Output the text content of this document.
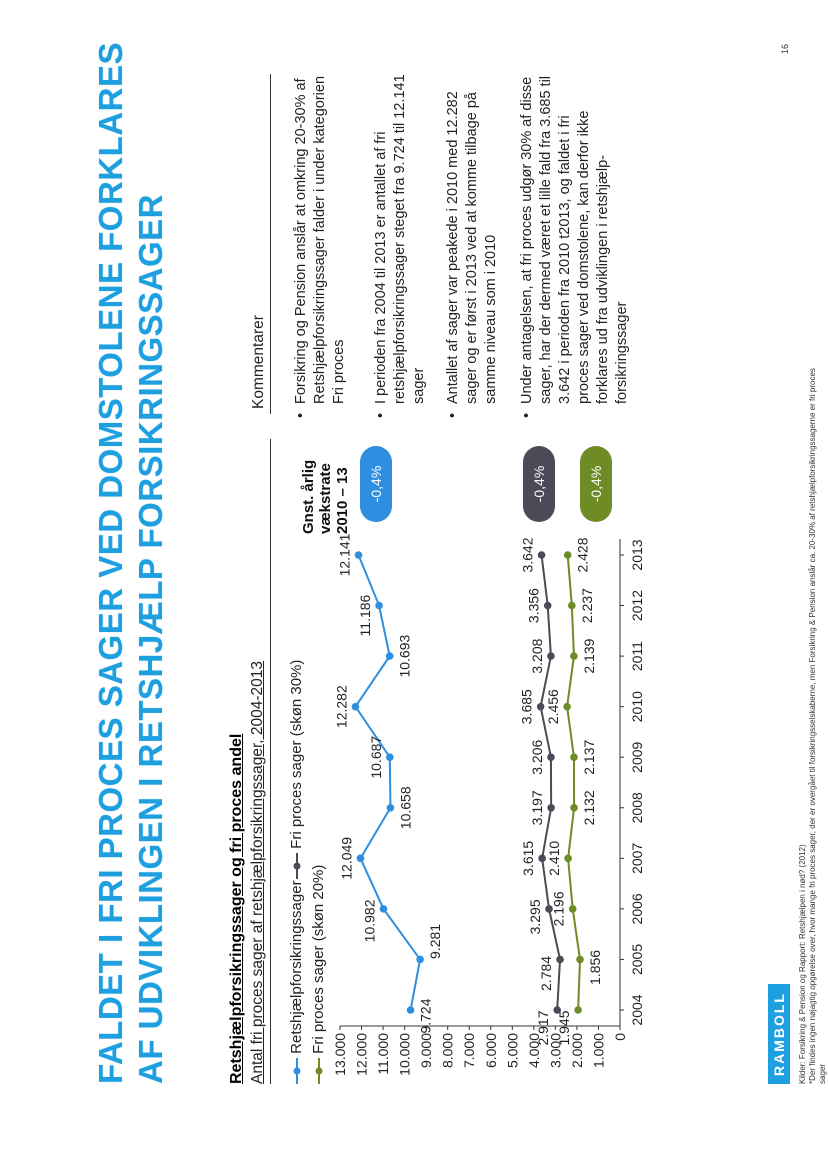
FALDET I FRI PROCES SAGER VED DOMSTOLENE FORKLARES AF UDVIKLINGEN I RETSHJÆLP FORSIKRINGSSAGER	Retshjælpforsikringssager og fri proces andel Antal fri proces sager af retshjælpforsikringssager, 2004-2013 Retshjælpforsikringssager
Fri proces sager (skøn 30%)
Fri proces sager (skøn 20%)	0
1.000
2.000
3.000
4.000
5.000
6.000
7.000
8.000
9.000
10.000
11.000
12.000
13.000
2004
2005
2006
2007
2008
2009
2010
2011
2012
2013
9.724
9.281
10.982
12.049
10.658
10.687
12.282
10.693
11.186
12.141
2.917
2.784
3.295
3.615
3.197
3.206
3.685
3.208
3.356
3.642
1.945
1.856
2.196
2.410
2.132
2.137
2.456
2.139
2.237
2.428
Gnst. årlig vækstrate 2010 – 13	-0,4%	-0,4%	-0,4%
Kommentarer • Forsikring og Pension anslår at omkring 20-30% af Retshjælpforsikringssager falder i under kategorien Fri proces • I perioden fra 2004 til 2013 er antallet af fri retshjælpforsikringssager steget fra 9.724 til 12.141 sager • Antallet af sager var peakede i 2010 med 12.282 sager og er først i 2013 ved at komme tilbage på samme niveau som i 2010 • Under antagelsen, at fri proces udgør 30% af disse sager, har der dermed været et lille fald fra 3.685 til 3.642 i perioden fra 2010 t2013, og faldet i fri proces sager ved domstolene, kan derfor ikke forklares ud fra udviklingen i retshjælp-forsikringssager
RAMBOLL	Kilder: Forsikring & Pension og Rapport: Retshjælpen i nød? (2012) *Der findes ingen nøjagtig opgørelse over, hvor mange fri proces sager, der er overgået til forsikringsselskaberne, men Forsikring & Pension anslår ca. 20-30% af retshjælpforsikringssagerne er fri proces sager
16
